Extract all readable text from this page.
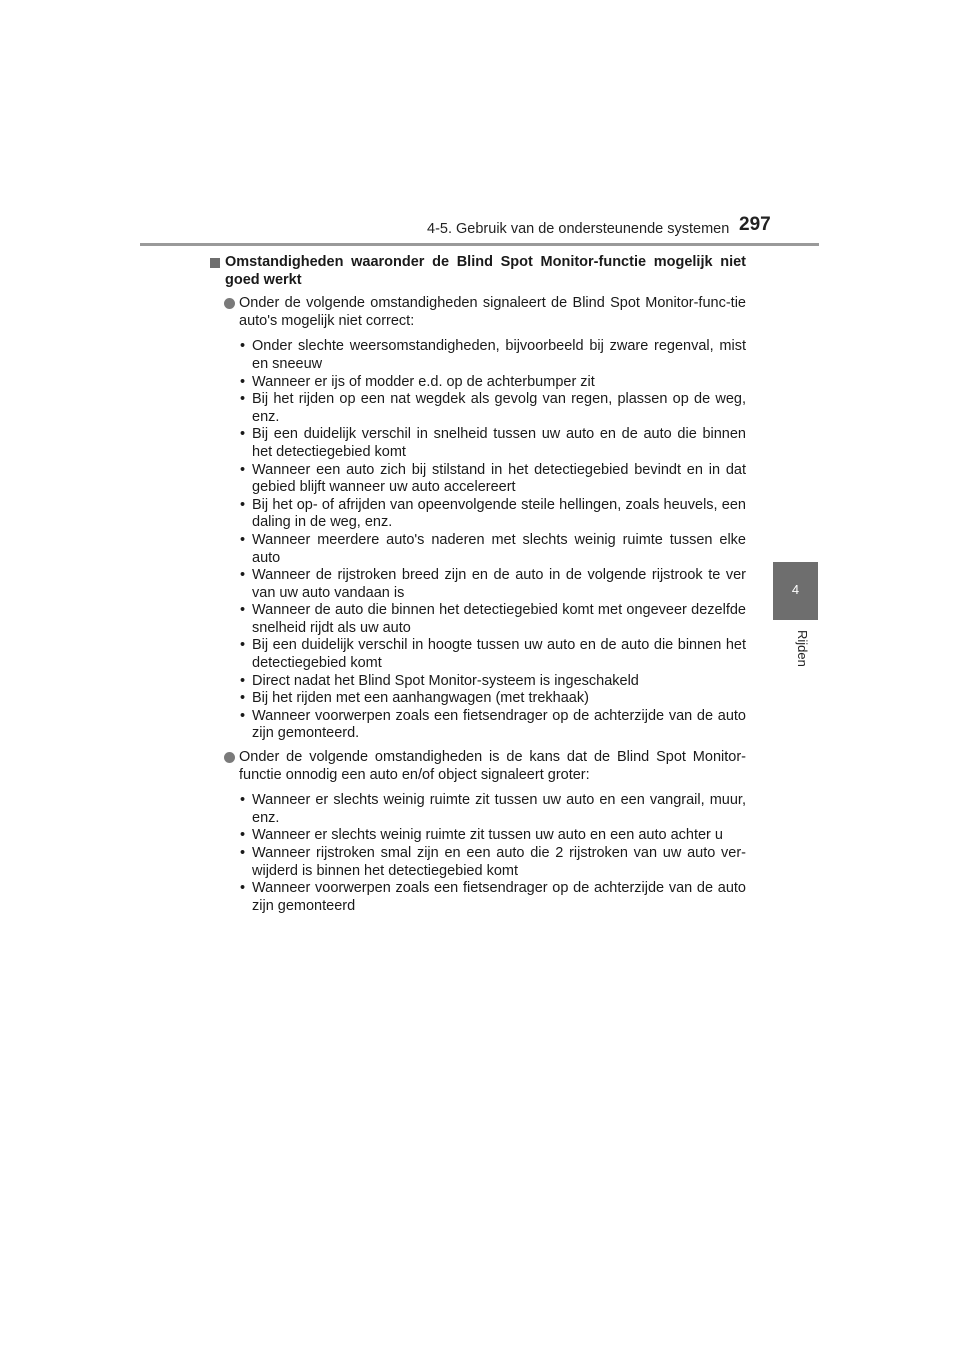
4-5. Gebruik van de ondersteunende systemen 297
4
Rijden
Omstandigheden waaronder de Blind Spot Monitor-functie mogelijk niet goed werkt
Onder de volgende omstandigheden signaleert de Blind Spot Monitor-func-tie auto's mogelijk niet correct:
• Onder slechte weersomstandigheden, bijvoorbeeld bij zware regenval, mist en sneeuw
• Wanneer er ijs of modder e.d. op de achterbumper zit
• Bij het rijden op een nat wegdek als gevolg van regen, plassen op de weg, enz.
• Bij een duidelijk verschil in snelheid tussen uw auto en de auto die binnen het detectiegebied komt
• Wanneer een auto zich bij stilstand in het detectiegebied bevindt en in dat gebied blijft wanneer uw auto accelereert
• Bij het op- of afrijden van opeenvolgende steile hellingen, zoals heuvels, een daling in de weg, enz.
• Wanneer meerdere auto's naderen met slechts weinig ruimte tussen elke auto
• Wanneer de rijstroken breed zijn en de auto in de volgende rijstrook te ver van uw auto vandaan is
• Wanneer de auto die binnen het detectiegebied komt met ongeveer dezelfde snelheid rijdt als uw auto
• Bij een duidelijk verschil in hoogte tussen uw auto en de auto die binnen het detectiegebied komt
• Direct nadat het Blind Spot Monitor-systeem is ingeschakeld
• Bij het rijden met een aanhangwagen (met trekhaak)
• Wanneer voorwerpen zoals een fietsendrager op de achterzijde van de auto zijn gemonteerd.
Onder de volgende omstandigheden is de kans dat de Blind Spot Monitor-functie onnodig een auto en/of object signaleert groter:
• Wanneer er slechts weinig ruimte zit tussen uw auto en een vangrail, muur, enz.
• Wanneer er slechts weinig ruimte zit tussen uw auto en een auto achter u
• Wanneer rijstroken smal zijn en een auto die 2 rijstroken van uw auto ver-wijderd is binnen het detectiegebied komt
• Wanneer voorwerpen zoals een fietsendrager op de achterzijde van de auto zijn gemonteerd
